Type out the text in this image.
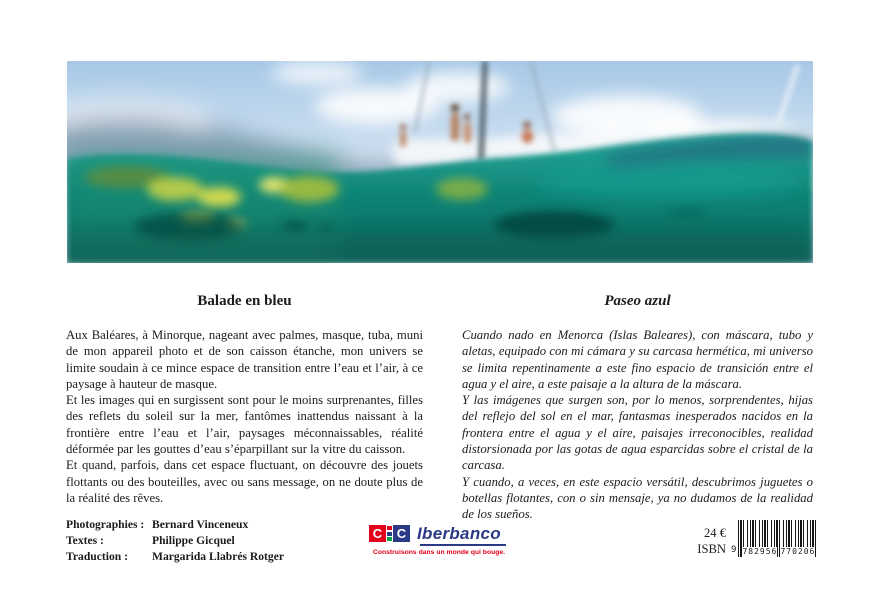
Balade en bleu

Aux Baléares, à Minorque, nageant avec palmes, masque, tuba, muni de mon appareil photo et de son caisson étanche, mon univers se limite soudain à ce mince espace de transition entre l’eau et l’air, à ce paysage à hauteur de masque.

Et les images qui en surgissent sont pour le moins surprenantes, filles des reflets du soleil sur la mer, fantômes inattendus naissant à la frontière entre l’eau et l’air, paysages méconnaissables, réalité déformée par les gouttes d’eau s’éparpillant sur la vitre du caisson.

Et quand, parfois, dans cet espace fluctuant, on découvre des jouets flottants ou des bouteilles, avec ou sans message, on ne doute plus de la réalité des rêves.

Paseo azul

Cuando nado en Menorca (Islas Baleares), con máscara, tubo y aletas, equipado con mi cámara y su carcasa hermética, mi universo se limita repentinamente a este fino espacio de transición entre el agua y el aire, a este paisaje a la altura de la máscara.

Y las imágenes que surgen son, por lo menos, sorprendentes, hijas del reflejo del sol en el mar, fantasmas inesperados nacidos en la frontera entre el agua y el aire, paisajes irreconocibles, realidad distorsionada por las gotas de agua esparcidas sobre el cristal de la carcasa.

Y cuando, a veces, en este espacio versátil, descubrimos juguetes o botellas flotantes, con o sin mensaje, ya no dudamos de la realidad de los sueños.

Photographies : Bernard Vinceneux
Textes :	Philippe Gicquel
Traduction :	Margarida Llabrés Rotger
C C Iberbanco
Construisons dans un monde qui bouge.
24 €
ISBN 9 782956 770206
